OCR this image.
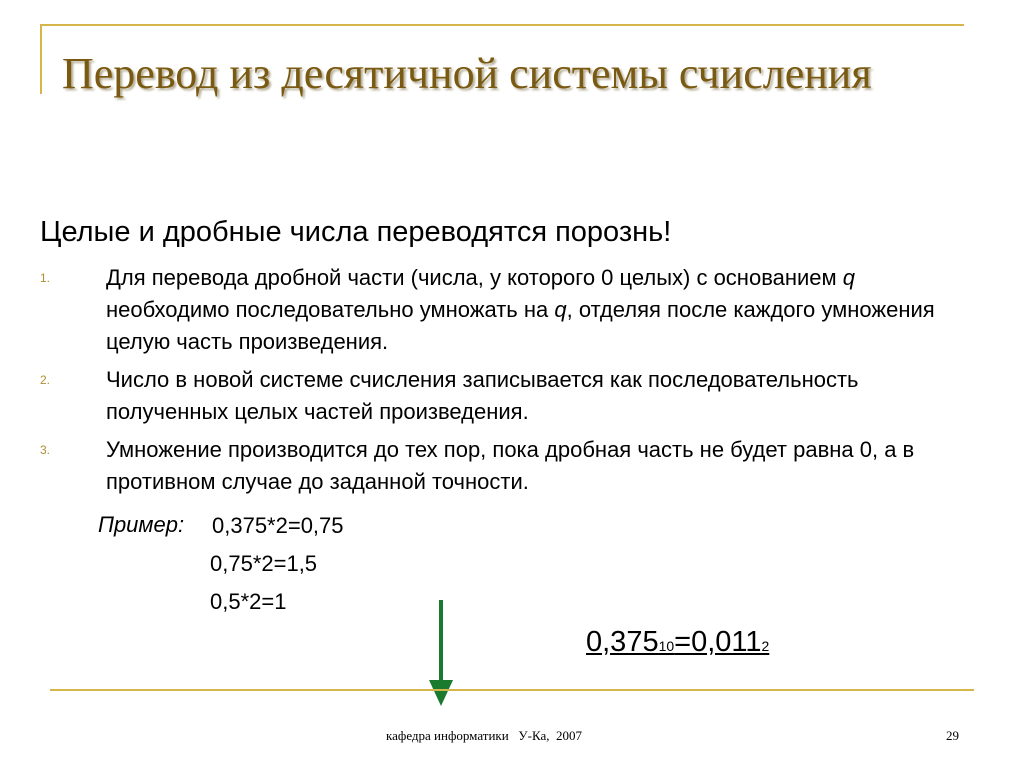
Перевод из десятичной системы счисления
Целые и дробные числа переводятся порознь!
1.	Для перевода дробной части (числа, у которого 0 целых) с основанием q необходимо последовательно умножать на q, отделяя после каждого умножения целую часть произведения.
2.	Число в новой системе счисления записывается как последовательность полученных целых частей произведения.
3.	Умножение производится до тех пор, пока дробная часть не будет равна 0, а в противном случае до заданной точности.
Пример: 0,375*2=0,75
0,75*2=1,5
0,5*2=1
0,37510=0,0112
кафедра информатики   У-Ка,  2007	29
